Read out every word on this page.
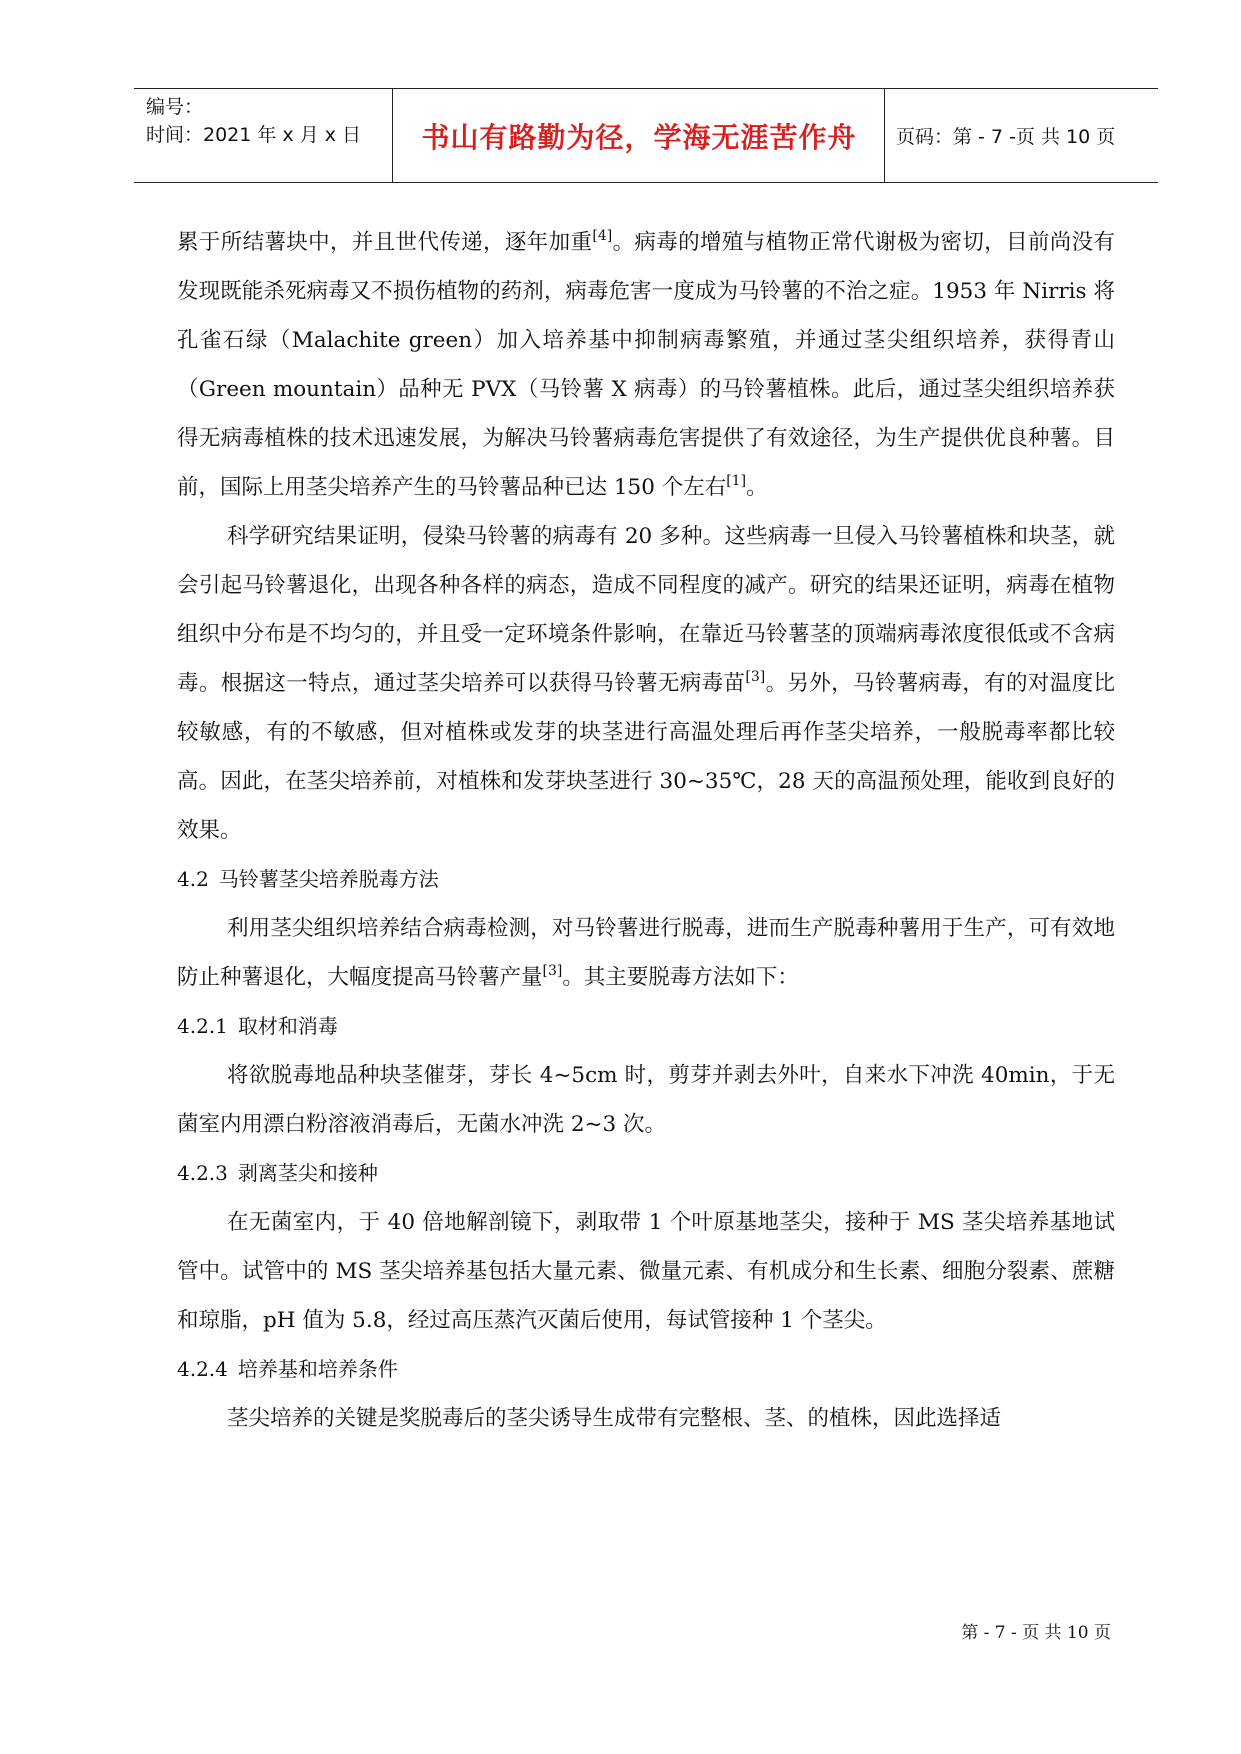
编号：
时间：2021 年 x 月 x 日	书山有路勤为径，学海无涯苦作舟	页码：第 - 7 -页 共 10 页

累于所结薯块中，并且世代传递，逐年加重[4]。病毒的增殖与植物正常代谢极为密切，目前尚没有发现既能杀死病毒又不损伤植物的药剂，病毒危害一度成为马铃薯的不治之症。1953 年 Nirris 将孔雀石绿（Malachite green）加入培养基中抑制病毒繁殖，并通过茎尖组织培养，获得青山（Green mountain）品种无 PVX（马铃薯 X 病毒）的马铃薯植株。此后，通过茎尖组织培养获得无病毒植株的技术迅速发展，为解决马铃薯病毒危害提供了有效途径，为生产提供优良种薯。目前，国际上用茎尖培养产生的马铃薯品种已达 150 个左右[1]。

科学研究结果证明，侵染马铃薯的病毒有 20 多种。这些病毒一旦侵入马铃薯植株和块茎，就会引起马铃薯退化，出现各种各样的病态，造成不同程度的减产。研究的结果还证明，病毒在植物组织中分布是不均匀的，并且受一定环境条件影响，在靠近马铃薯茎的顶端病毒浓度很低或不含病毒。根据这一特点，通过茎尖培养可以获得马铃薯无病毒苗[3]。另外，马铃薯病毒，有的对温度比较敏感，有的不敏感，但对植株或发芽的块茎进行高温处理后再作茎尖培养，一般脱毒率都比较高。因此，在茎尖培养前，对植株和发芽块茎进行 30~35℃，28 天的高温预处理，能收到良好的效果。

4.2 马铃薯茎尖培养脱毒方法

利用茎尖组织培养结合病毒检测，对马铃薯进行脱毒，进而生产脱毒种薯用于生产，可有效地防止种薯退化，大幅度提高马铃薯产量[3]。其主要脱毒方法如下：

4.2.1 取材和消毒

将欲脱毒地品种块茎催芽，芽长 4~5cm 时，剪芽并剥去外叶，自来水下冲洗 40min，于无菌室内用漂白粉溶液消毒后，无菌水冲洗 2~3 次。

4.2.3 剥离茎尖和接种

在无菌室内，于 40 倍地解剖镜下，剥取带 1 个叶原基地茎尖，接种于 MS 茎尖培养基地试管中。试管中的 MS 茎尖培养基包括大量元素、微量元素、有机成分和生长素、细胞分裂素、蔗糖和琼脂，pH 值为 5.8，经过高压蒸汽灭菌后使用，每试管接种 1 个茎尖。

4.2.4 培养基和培养条件

茎尖培养的关键是奖脱毒后的茎尖诱导生成带有完整根、茎、的植株，因此选择适

第 - 7 - 页 共 10 页
